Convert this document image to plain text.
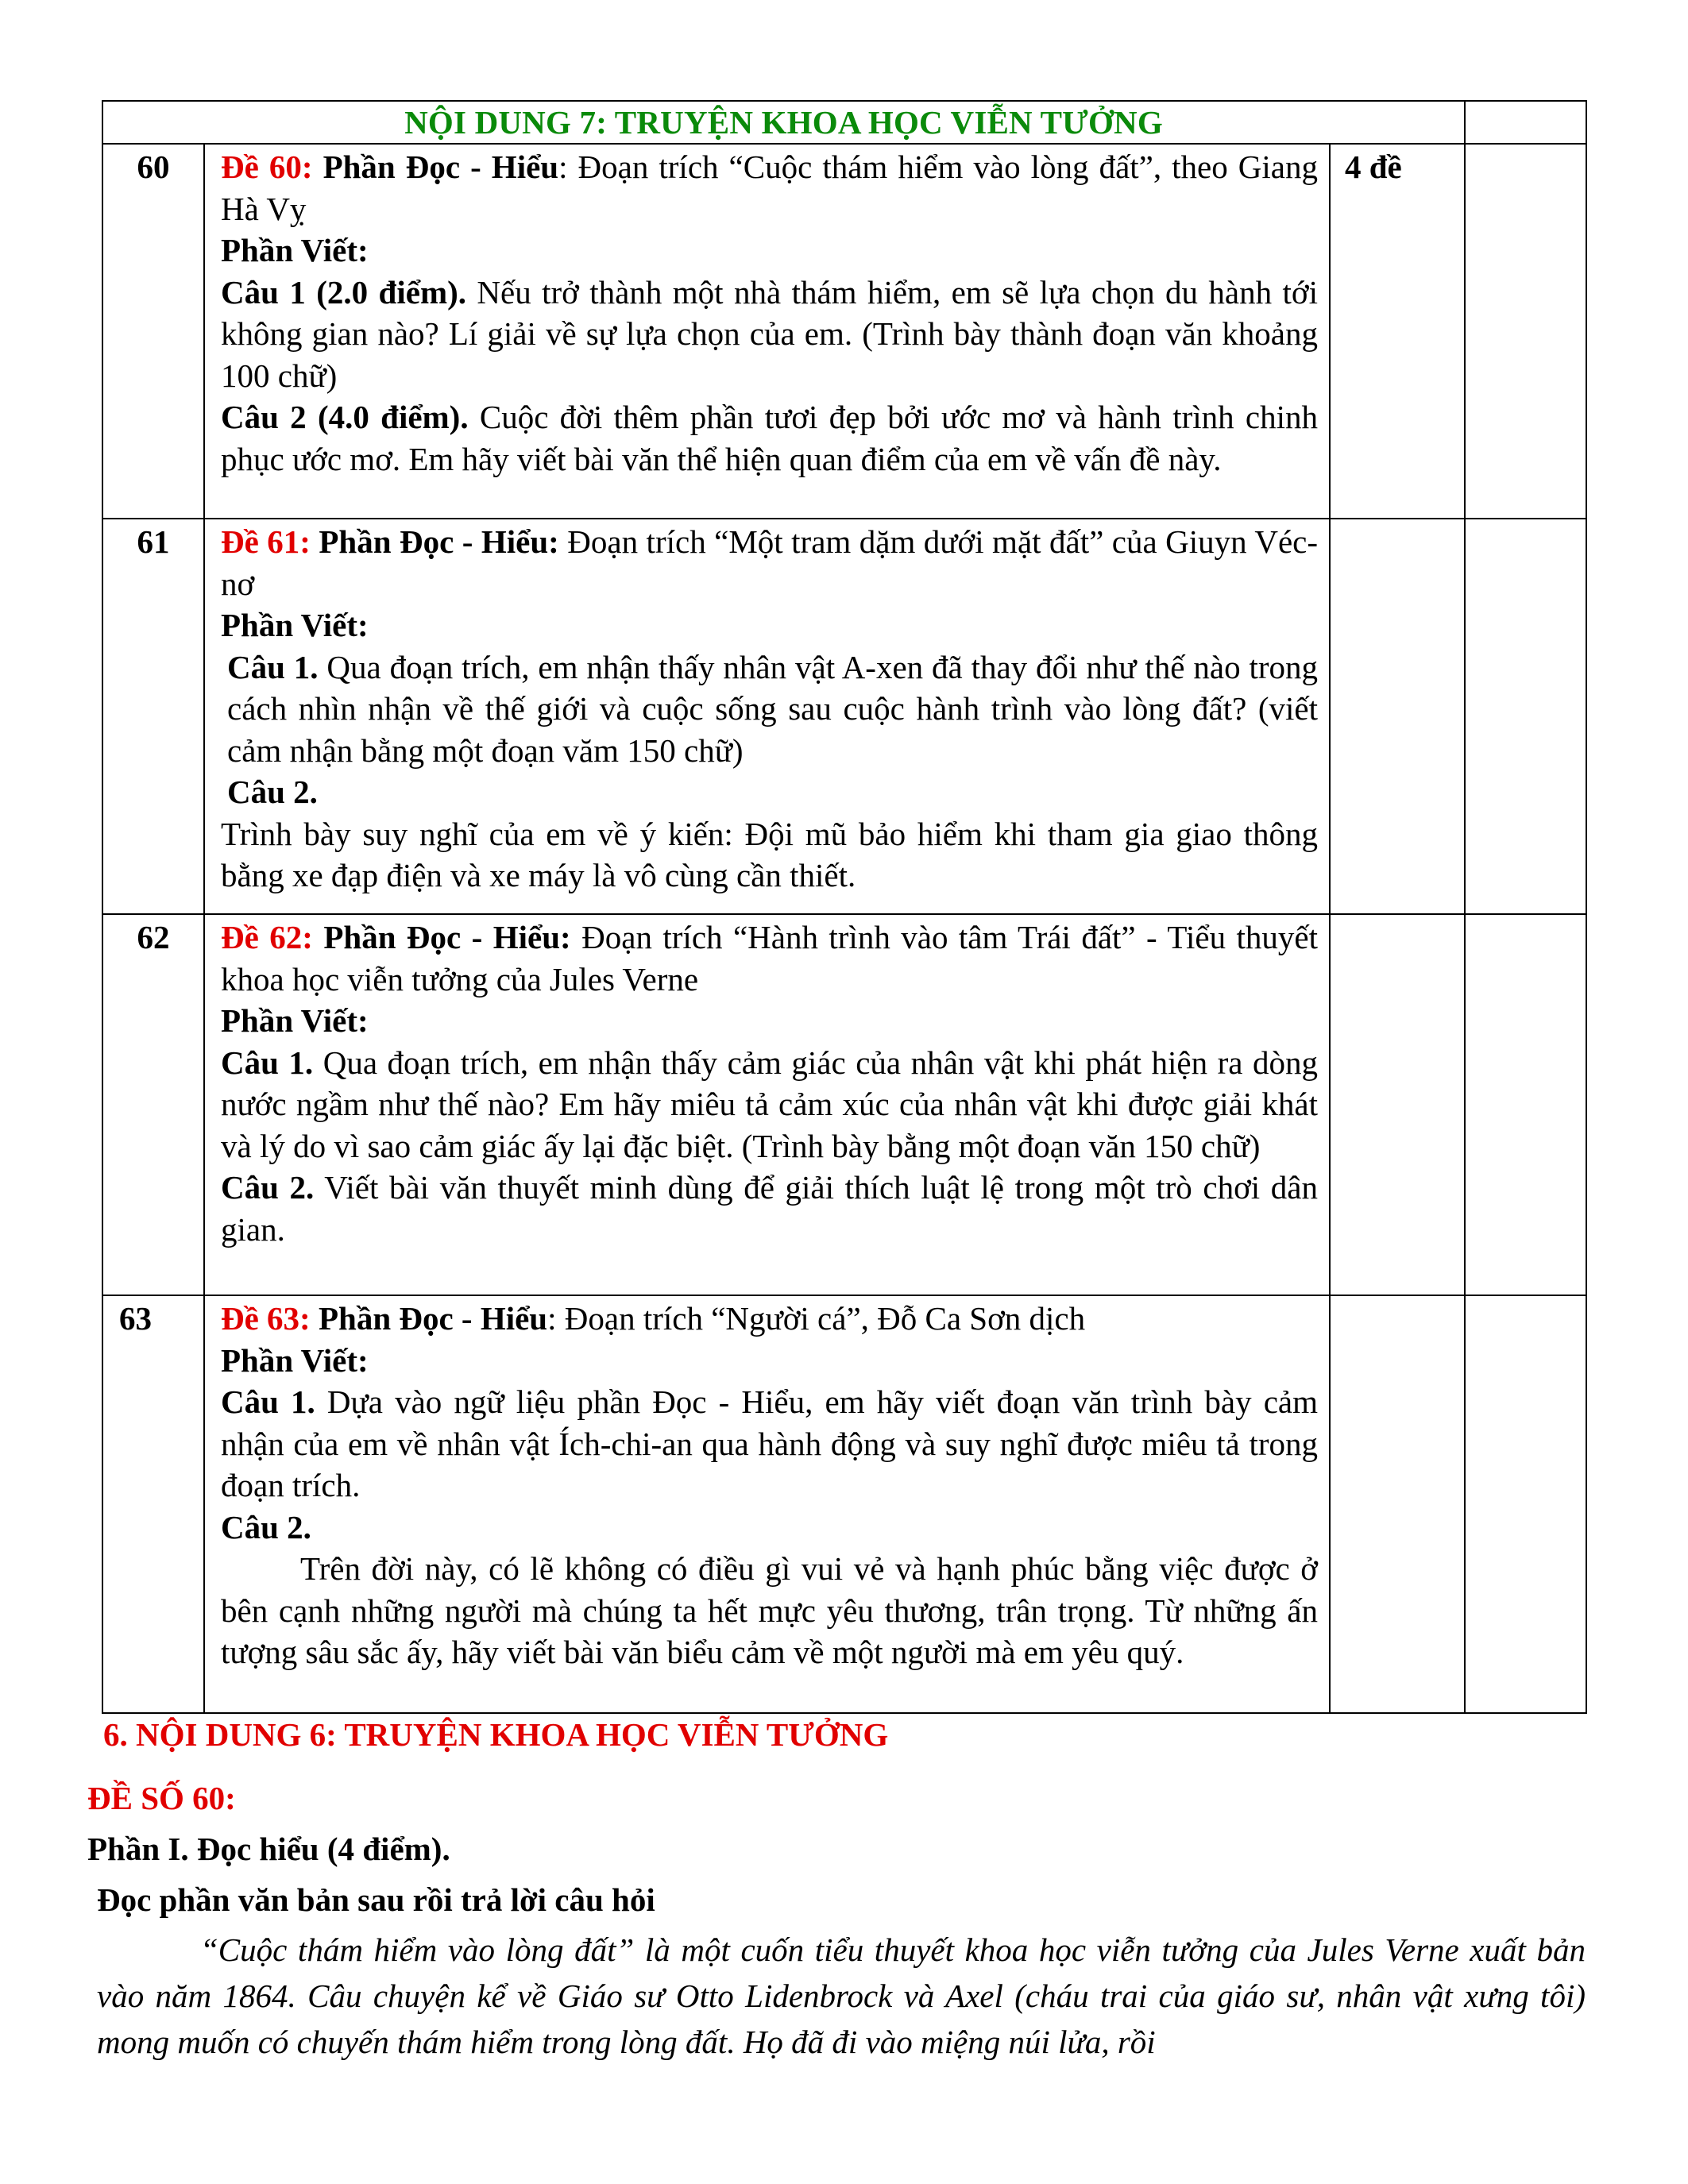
NỘI DUNG 7: TRUYỆN KHOA HỌC VIỄN TƯỞNG			
60	Đề 60: Phần Đọc - Hiểu: Đoạn trích “Cuộc thám hiểm vào lòng đất”, theo Giang Hà Vỵ

Phần Viết:

Câu 1 (2.0 điểm). Nếu trở thành một nhà thám hiểm, em sẽ lựa chọn du hành tới không gian nào? Lí giải về sự lựa chọn của em. (Trình bày thành đoạn văn khoảng 100 chữ)

Câu 2 (4.0 điểm). Cuộc đời thêm phần tươi đẹp bởi ước mơ và hành trình chinh phục ước mơ. Em hãy viết bài văn thể hiện quan điểm của em về vấn đề này.	4 đề	
61	Đề 61: Phần Đọc - Hiểu: Đoạn trích “Một tram dặm dưới mặt đất” của Giuyn Véc-nơ

Phần Viết:

Câu 1. Qua đoạn trích, em nhận thấy nhân vật A-xen đã thay đổi như thế nào trong cách nhìn nhận về thế giới và cuộc sống sau cuộc hành trình vào lòng đất? (viết cảm nhận bằng một đoạn văm 150 chữ)

Câu 2.

Trình bày suy nghĩ của em về ý kiến: Đội mũ bảo hiểm khi tham gia giao thông bằng xe đạp điện và xe máy là vô cùng cần thiết.		

62	Đề 62: Phần Đọc - Hiểu: Đoạn trích “Hành trình vào tâm Trái đất” - Tiểu thuyết khoa học viễn tưởng của Jules Verne

Phần Viết:

Câu 1. Qua đoạn trích, em nhận thấy cảm giác của nhân vật khi phát hiện ra dòng nước ngầm như thế nào? Em hãy miêu tả cảm xúc của nhân vật khi được giải khát và lý do vì sao cảm giác ấy lại đặc biệt. (Trình bày bằng một đoạn văn 150 chữ)

Câu 2. Viết bài văn thuyết minh dùng để giải thích luật lệ trong một trò chơi dân gian.		

63	Đề 63: Phần Đọc - Hiểu: Đoạn trích “Người cá”, Đỗ Ca Sơn dịch

Phần Viết:

Câu 1. Dựa vào ngữ liệu phần Đọc - Hiểu, em hãy viết đoạn văn trình bày cảm nhận của em về nhân vật Ích-chi-an qua hành động và suy nghĩ được miêu tả trong đoạn trích.

Câu 2.

Trên đời này, có lẽ không có điều gì vui vẻ và hạnh phúc bằng việc được ở bên cạnh những người mà chúng ta hết mực yêu thương, trân trọng. Từ những ấn tượng sâu sắc ấy, hãy viết bài văn biểu cảm về một người mà em yêu quý.		

6. NỘI DUNG 6: TRUYỆN KHOA HỌC VIỄN TƯỞNG
ĐỀ SỐ 60:
Phần I. Đọc hiểu (4 điểm).
Đọc phần văn bản sau rồi trả lời câu hỏi

“Cuộc thám hiểm vào lòng đất” là một cuốn tiểu thuyết khoa học viễn tưởng của Jules Verne xuất bản vào năm 1864. Câu chuyện kể về Giáo sư Otto Lidenbrock và Axel (cháu trai của giáo sư, nhân vật xưng tôi) mong muốn có chuyến thám hiểm trong lòng đất. Họ đã đi vào miệng núi lửa, rồi
